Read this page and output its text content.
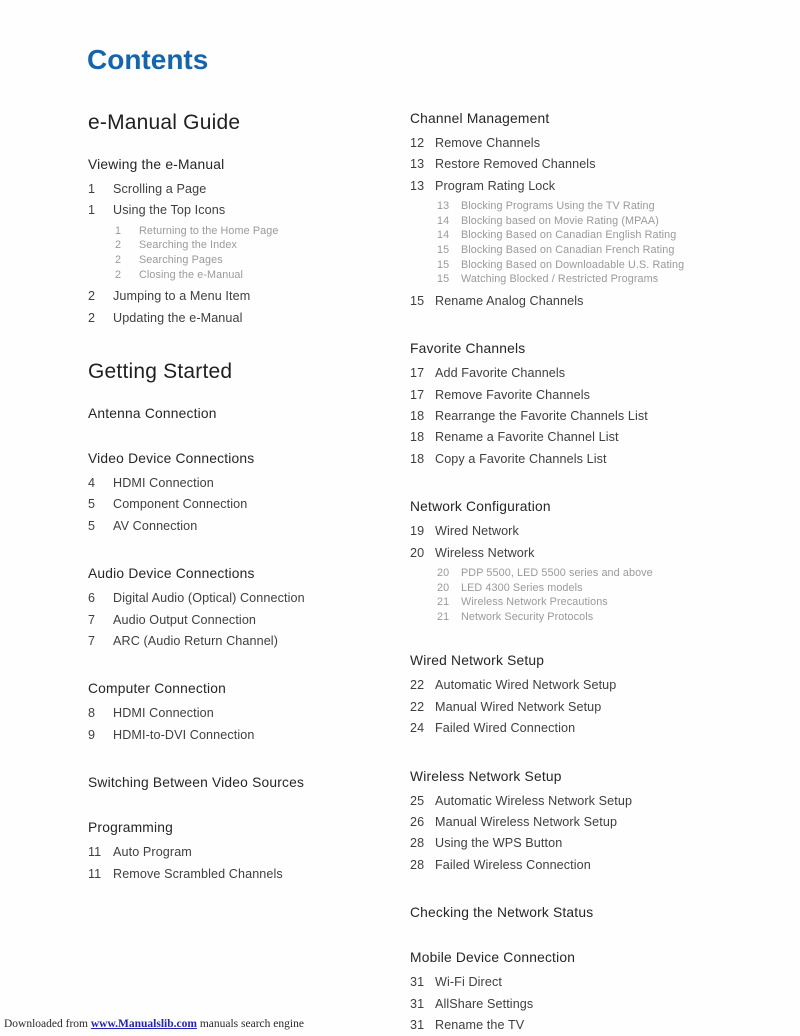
Contents
e-Manual Guide
Viewing the e-Manual
1	Scrolling a Page
1	Using the Top Icons
1	Returning to the Home Page
2	Searching the Index
2	Searching Pages
2	Closing the e-Manual
2	Jumping to a Menu Item
2	Updating the e-Manual
Getting Started
Antenna Connection
Video Device Connections
4	HDMI Connection
5	Component Connection
5	AV Connection
Audio Device Connections
6	Digital Audio (Optical) Connection
7	Audio Output Connection
7	ARC (Audio Return Channel)
Computer Connection
8	HDMI Connection
9	HDMI-to-DVI Connection
Switching Between Video Sources
Programming
11 Auto Program
11 Remove Scrambled Channels
Channel Management
12 Remove Channels
13 Restore Removed Channels
13 Program Rating Lock
13	Blocking Programs Using the TV Rating
14	Blocking based on Movie Rating (MPAA)
14	Blocking Based on Canadian English Rating
15	Blocking Based on Canadian French Rating
15	Blocking Based on Downloadable U.S. Rating
15	Watching Blocked / Restricted Programs
15 Rename Analog Channels
Favorite Channels
17 Add Favorite Channels
17 Remove Favorite Channels
18 Rearrange the Favorite Channels List
18 Rename a Favorite Channel List
18 Copy a Favorite Channels List
Network Configuration
19 Wired Network
20 Wireless Network
20	PDP 5500, LED 5500 series and above
20	LED 4300 Series models
21	Wireless Network Precautions
21	Network Security Protocols
Wired Network Setup
22 Automatic Wired Network Setup
22 Manual Wired Network Setup
24 Failed Wired Connection
Wireless Network Setup
25 Automatic Wireless Network Setup
26 Manual Wireless Network Setup
28 Using the WPS Button
28 Failed Wireless Connection
Checking the Network Status
Mobile Device Connection
31 Wi-Fi Direct
31 AllShare Settings
31 Rename the TV
Downloaded from www.Manualslib.com manuals search engine
